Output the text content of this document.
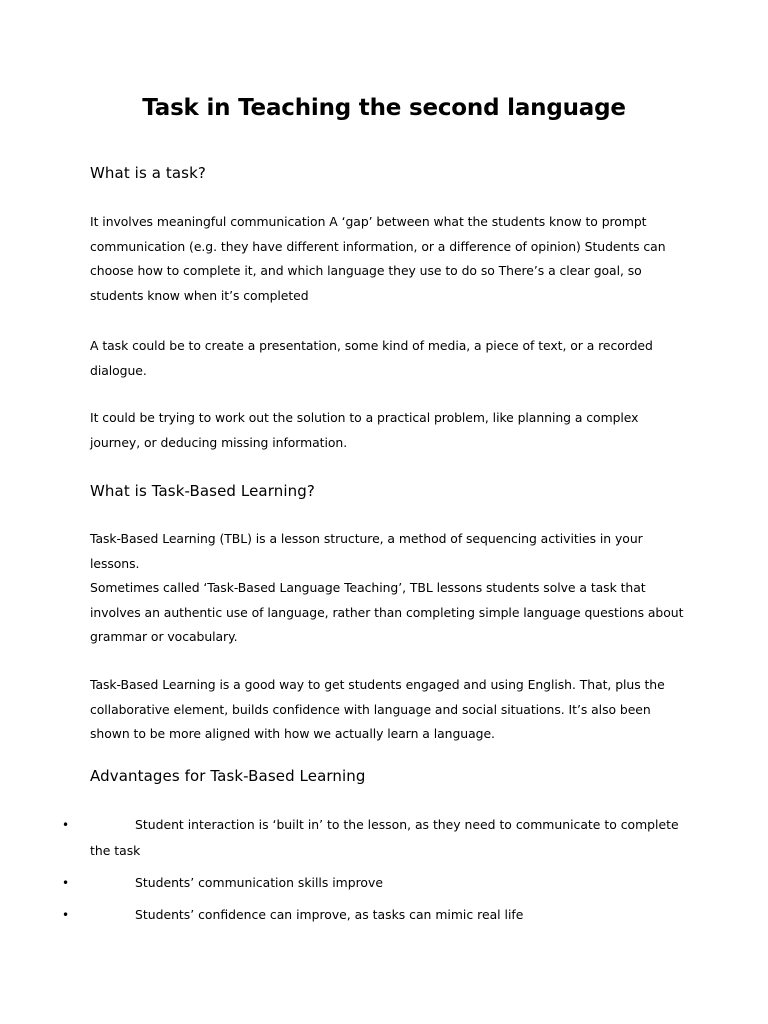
Task in Teaching the second language
What is a task?
It involves meaningful communication A ‘gap’ between what the students know to prompt communication (e.g. they have different information, or a difference of opinion) Students can choose how to complete it, and which language they use to do so There’s a clear goal, so students know when it’s completed
A task could be to create a presentation, some kind of media, a piece of text, or a recorded dialogue.
It could be trying to work out the solution to a practical problem, like planning a complex journey, or deducing missing information.
What is Task-Based Learning?
Task-Based Learning (TBL) is a lesson structure, a method of sequencing activities in your lessons.
Sometimes called ‘Task-Based Language Teaching’, TBL lessons students solve a task that involves an authentic use of language, rather than completing simple language questions about grammar or vocabulary.
Task-Based Learning is a good way to get students engaged and using English. That, plus the collaborative element, builds confidence with language and social situations. It’s also been shown to be more aligned with how we actually learn a language.
Advantages for Task-Based Learning
•	Student interaction is ‘built in’ to the lesson, as they need to communicate to complete the task
•	Students’ communication skills improve
•	Students’ confidence can improve, as tasks can mimic real life
